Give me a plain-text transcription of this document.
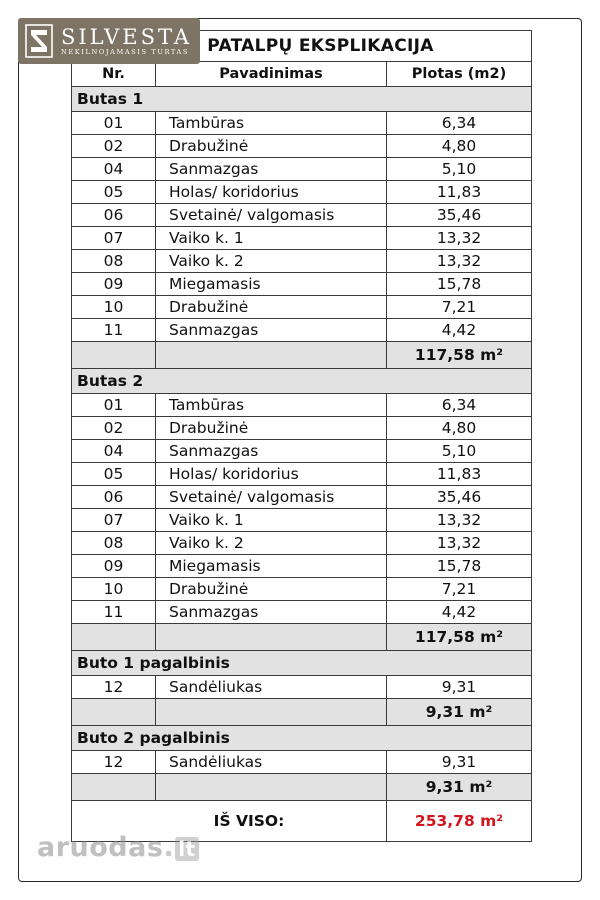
PATALPŲ EKSPLIKACIJA		
Nr.	Pavadinimas	Plotas (m2)
Butas 1		
01	Tambūras	6,34
02	Drabužinė	4,80
04	Sanmazgas	5,10
05	Holas/ koridorius	11,83
06	Svetainė/ valgomasis	35,46
07	Vaiko k. 1	13,32
08	Vaiko k. 2	13,32
09	Miegamasis	15,78
10	Drabužinė	7,21
11	Sanmazgas	4,42
		117,58 m²
Butas 2		
01	Tambūras	6,34
02	Drabužinė	4,80
04	Sanmazgas	5,10
05	Holas/ koridorius	11,83
06	Svetainė/ valgomasis	35,46
07	Vaiko k. 1	13,32
08	Vaiko k. 2	13,32
09	Miegamasis	15,78
10	Drabužinė	7,21
11	Sanmazgas	4,42
		117,58 m²
Buto 1 pagalbinis		
12	Sandėliukas	9,31
		9,31 m²
Buto 2 pagalbinis		
12	Sandėliukas	9,31
		9,31 m²
IŠ VISO:		253,78 m²
SILVESTA
NEKILNOJAMASIS TURTAS
aruodas. lt
